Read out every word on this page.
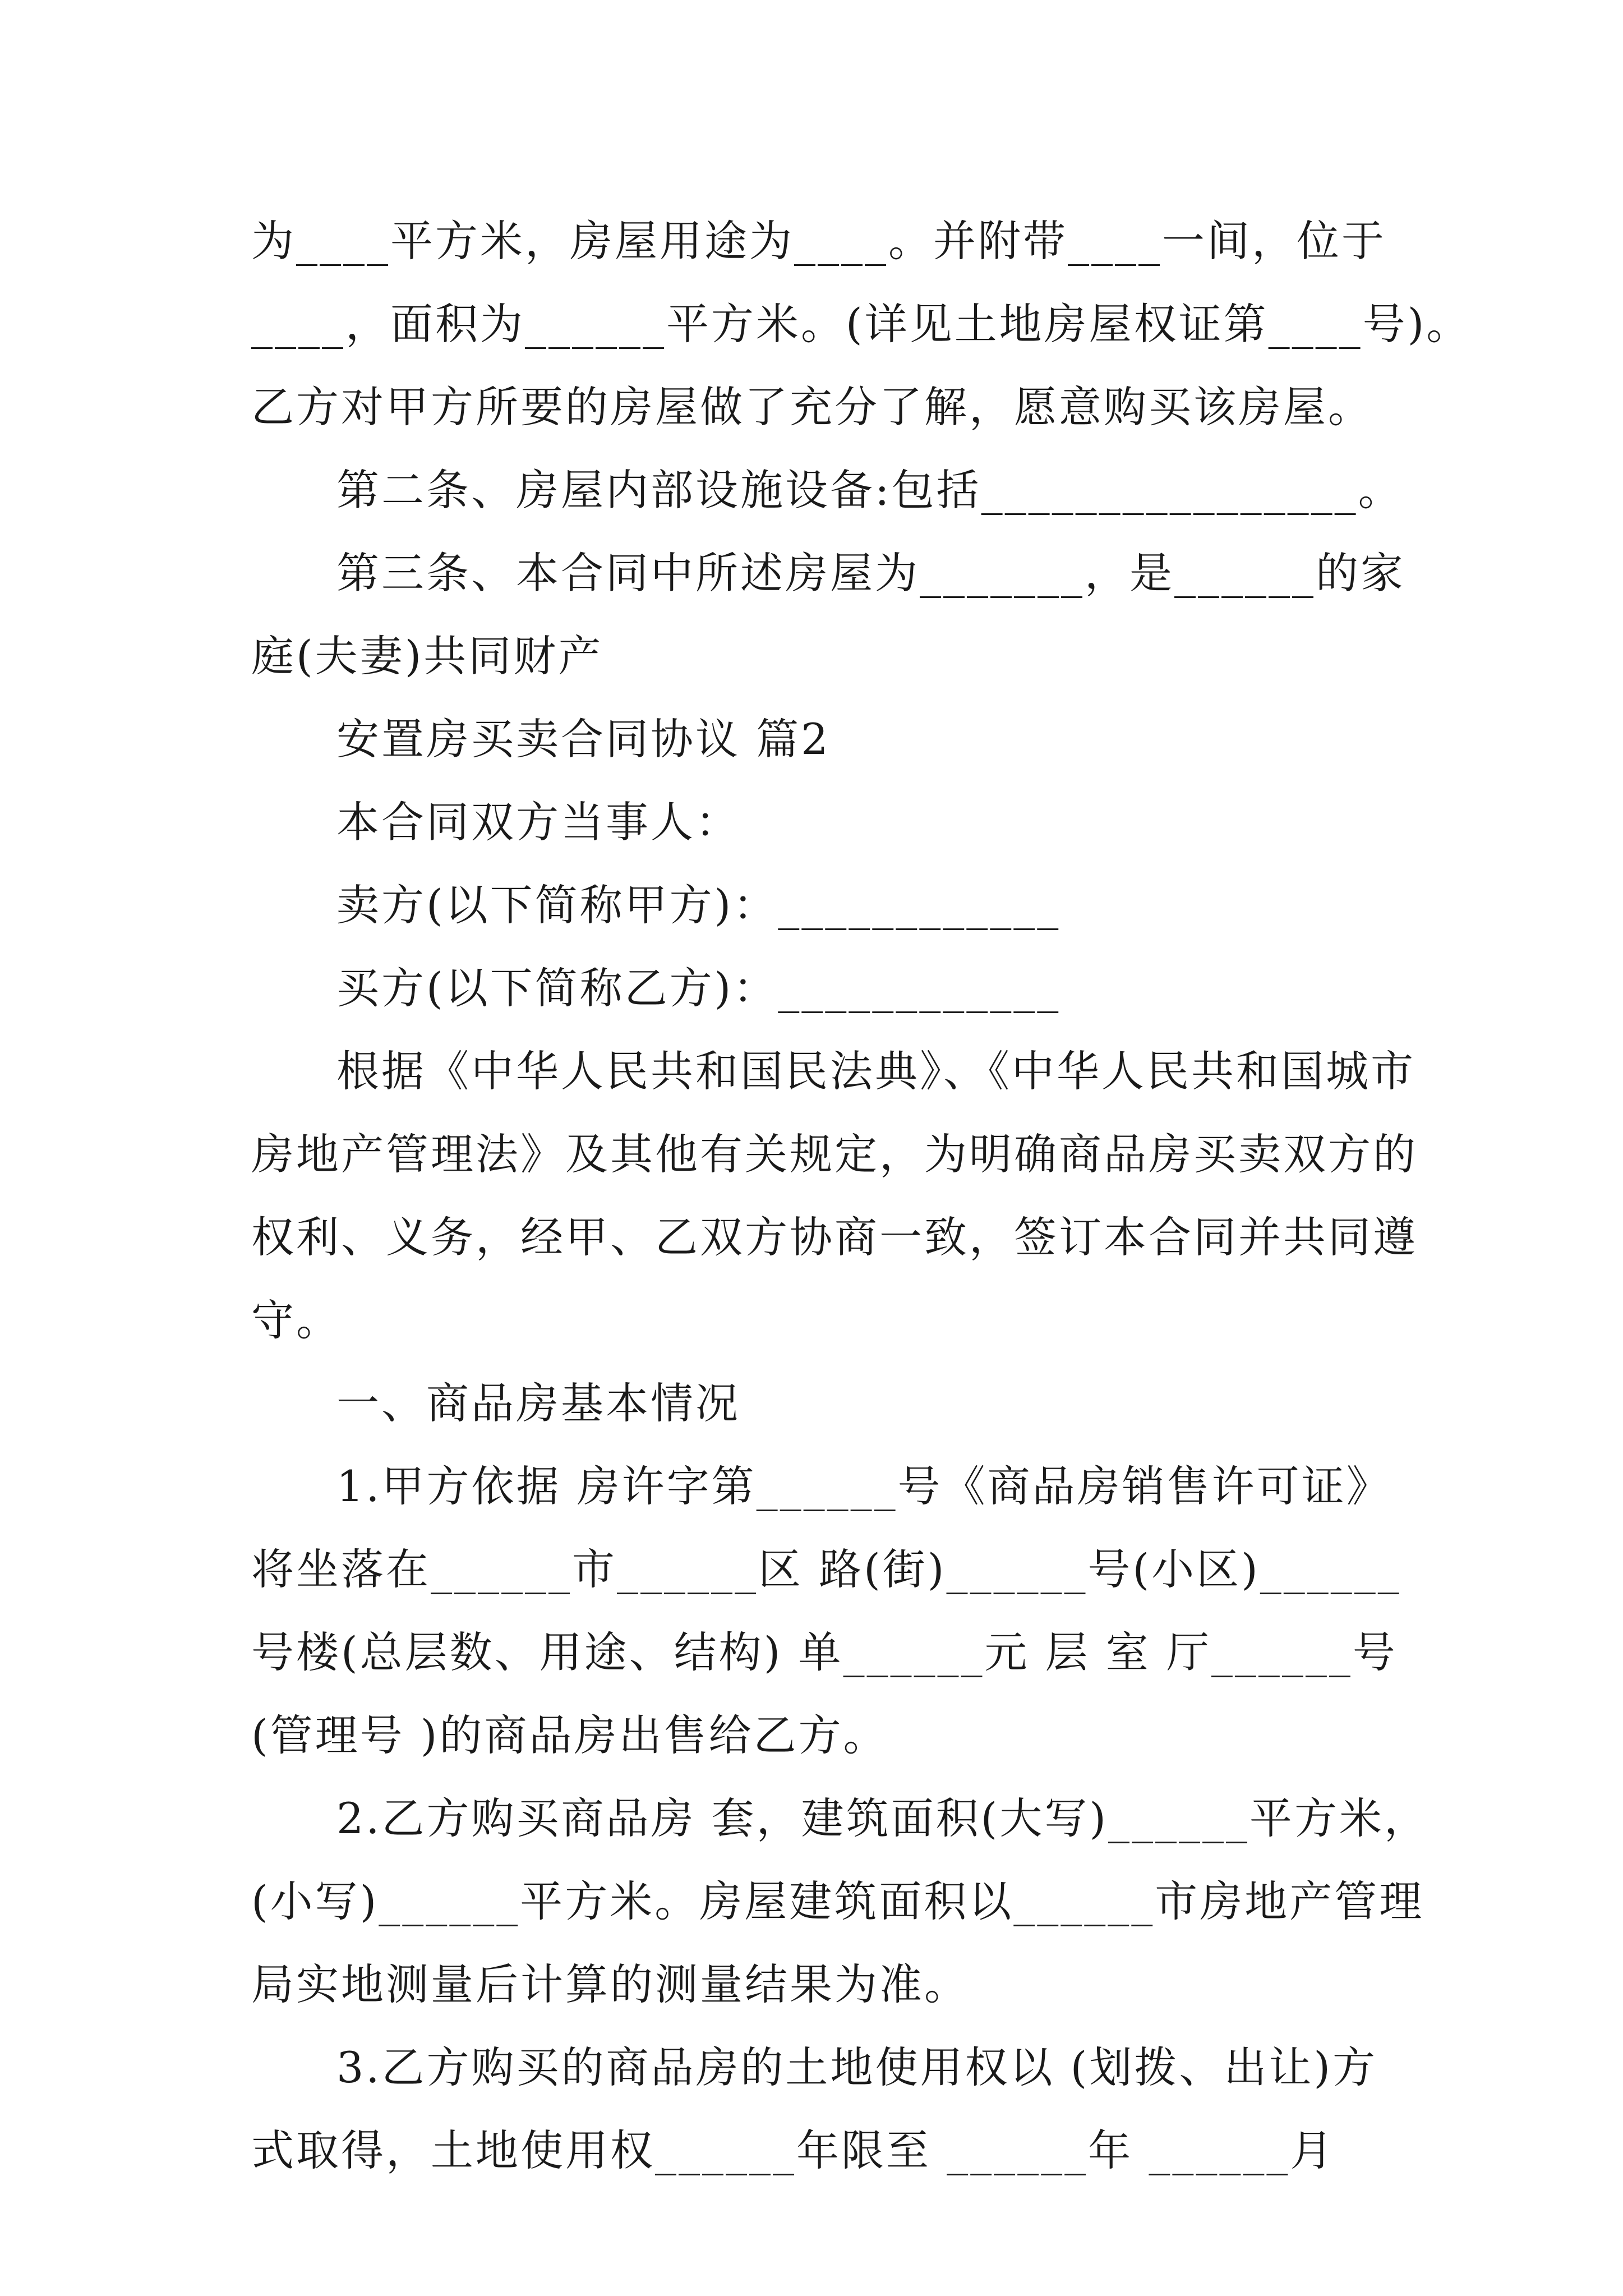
为____平方米，房屋用途为____。并附带____一间，位于
____，面积为______平方米。(详见土地房屋权证第____号)。
乙方对甲方所要的房屋做了充分了解，愿意购买该房屋。
第二条、房屋内部设施设备:包括________________。
第三条、本合同中所述房屋为_______，是______的家
庭(夫妻)共同财产
安置房买卖合同协议 篇2
本合同双方当事人：
卖方(以下简称甲方)：____________
买方(以下简称乙方)：____________
根据《中华人民共和国民法典》、《中华人民共和国城市
房地产管理法》及其他有关规定，为明确商品房买卖双方的
权利、义务，经甲、乙双方协商一致，签订本合同并共同遵
守。
一、商品房基本情况
1.甲方依据 房许字第______号《商品房销售许可证》
将坐落在______市______区 路(街)______号(小区)______
号楼(总层数、用途、结构) 单______元 层 室 厅______号
(管理号 )的商品房出售给乙方。
2.乙方购买商品房 套，建筑面积(大写)______平方米，
(小写)______平方米。房屋建筑面积以______市房地产管理
局实地测量后计算的测量结果为准。
3.乙方购买的商品房的土地使用权以 (划拨、出让)方
式取得，土地使用权______年限至 ______年 ______月
